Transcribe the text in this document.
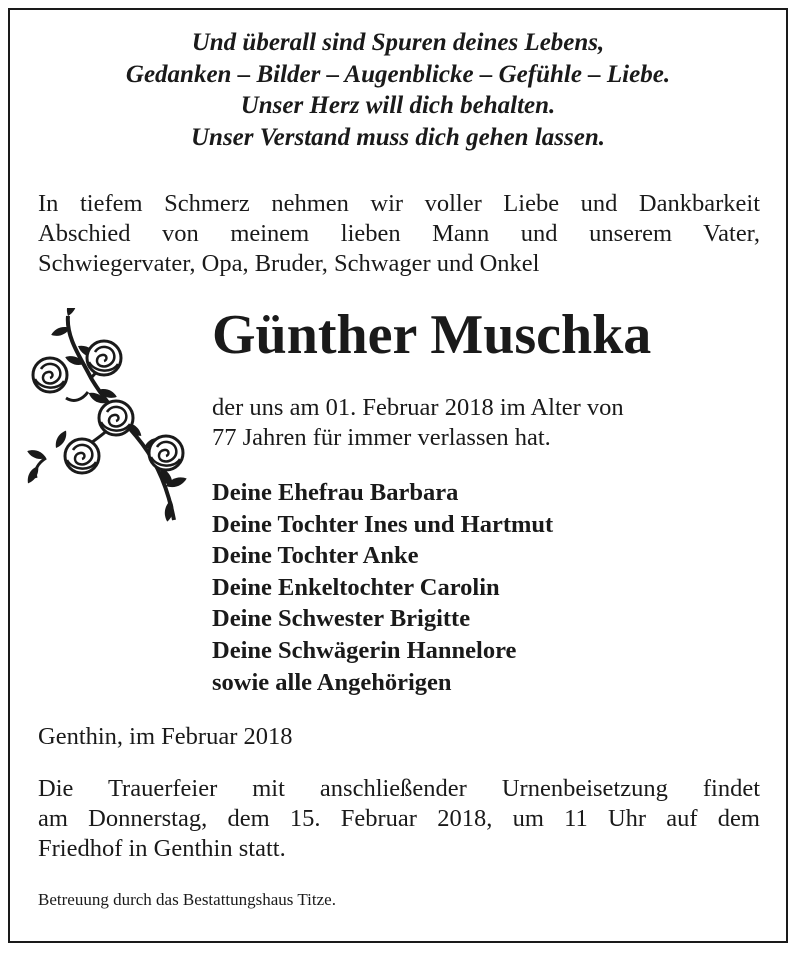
Und überall sind Spuren deines Lebens,
Gedanken – Bilder – Augenblicke – Gefühle – Liebe.
Unser Herz will dich behalten.
Unser Verstand muss dich gehen lassen.
In tiefem Schmerz nehmen wir voller Liebe und Dankbarkeit
Abschied von meinem lieben Mann und unserem Vater,
Schwiegervater, Opa, Bruder, Schwager und Onkel
Günther Muschka
der uns am 01. Februar 2018 im Alter von
77 Jahren für immer verlassen hat.
Deine Ehefrau Barbara
Deine Tochter Ines und Hartmut
Deine Tochter Anke
Deine Enkeltochter Carolin
Deine Schwester Brigitte
Deine Schwägerin Hannelore
sowie alle Angehörigen
Genthin, im Februar 2018
Die Trauerfeier mit anschließender Urnenbeisetzung findet
am Donnerstag, dem 15. Februar 2018, um 11 Uhr auf dem
Friedhof in Genthin statt.
Betreuung durch das Bestattungshaus Titze.
